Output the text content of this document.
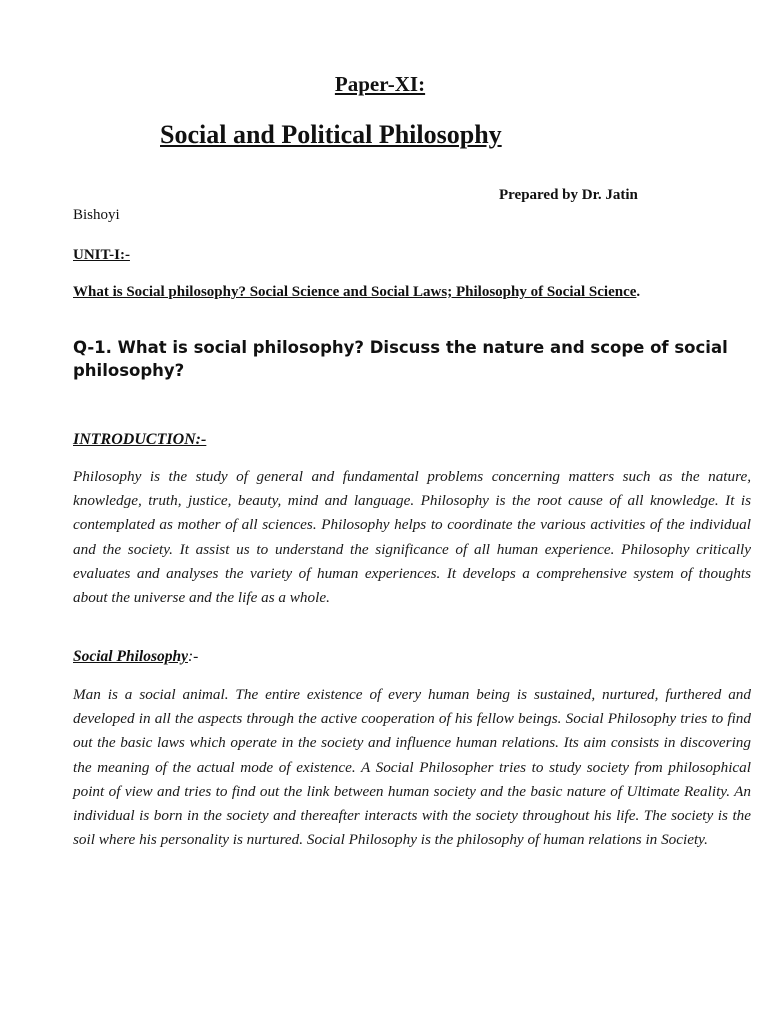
Paper-XI:
Social and Political Philosophy
Prepared by Dr. Jatin
Bishoyi
UNIT-I:-
What is Social philosophy? Social Science and Social Laws; Philosophy of Social Science.
Q-1. What is social philosophy? Discuss the nature and scope of social philosophy?
INTRODUCTION:-
Philosophy is the study of general and fundamental problems concerning matters such as the nature, knowledge, truth, justice, beauty, mind and language. Philosophy is the root cause of all knowledge. It is contemplated as mother of all sciences. Philosophy helps to coordinate the various activities of the individual and the society. It assist us to understand the significance of all human experience. Philosophy critically evaluates and analyses the variety of human experiences. It develops a comprehensive system of thoughts about the universe and the life as a whole.
Social Philosophy:-
Man is a social animal. The entire existence of every human being is sustained, nurtured, furthered and developed in all the aspects through the active cooperation of his fellow beings. Social Philosophy tries to find out the basic laws which operate in the society and influence human relations. Its aim consists in discovering the meaning of the actual mode of existence. A Social Philosopher tries to study society from philosophical point of view and tries to find out the link between human society and the basic nature of Ultimate Reality. An individual is born in the society and thereafter interacts with the society throughout his life. The society is the soil where his personality is nurtured. Social Philosophy is the philosophy of human relations in Society.
